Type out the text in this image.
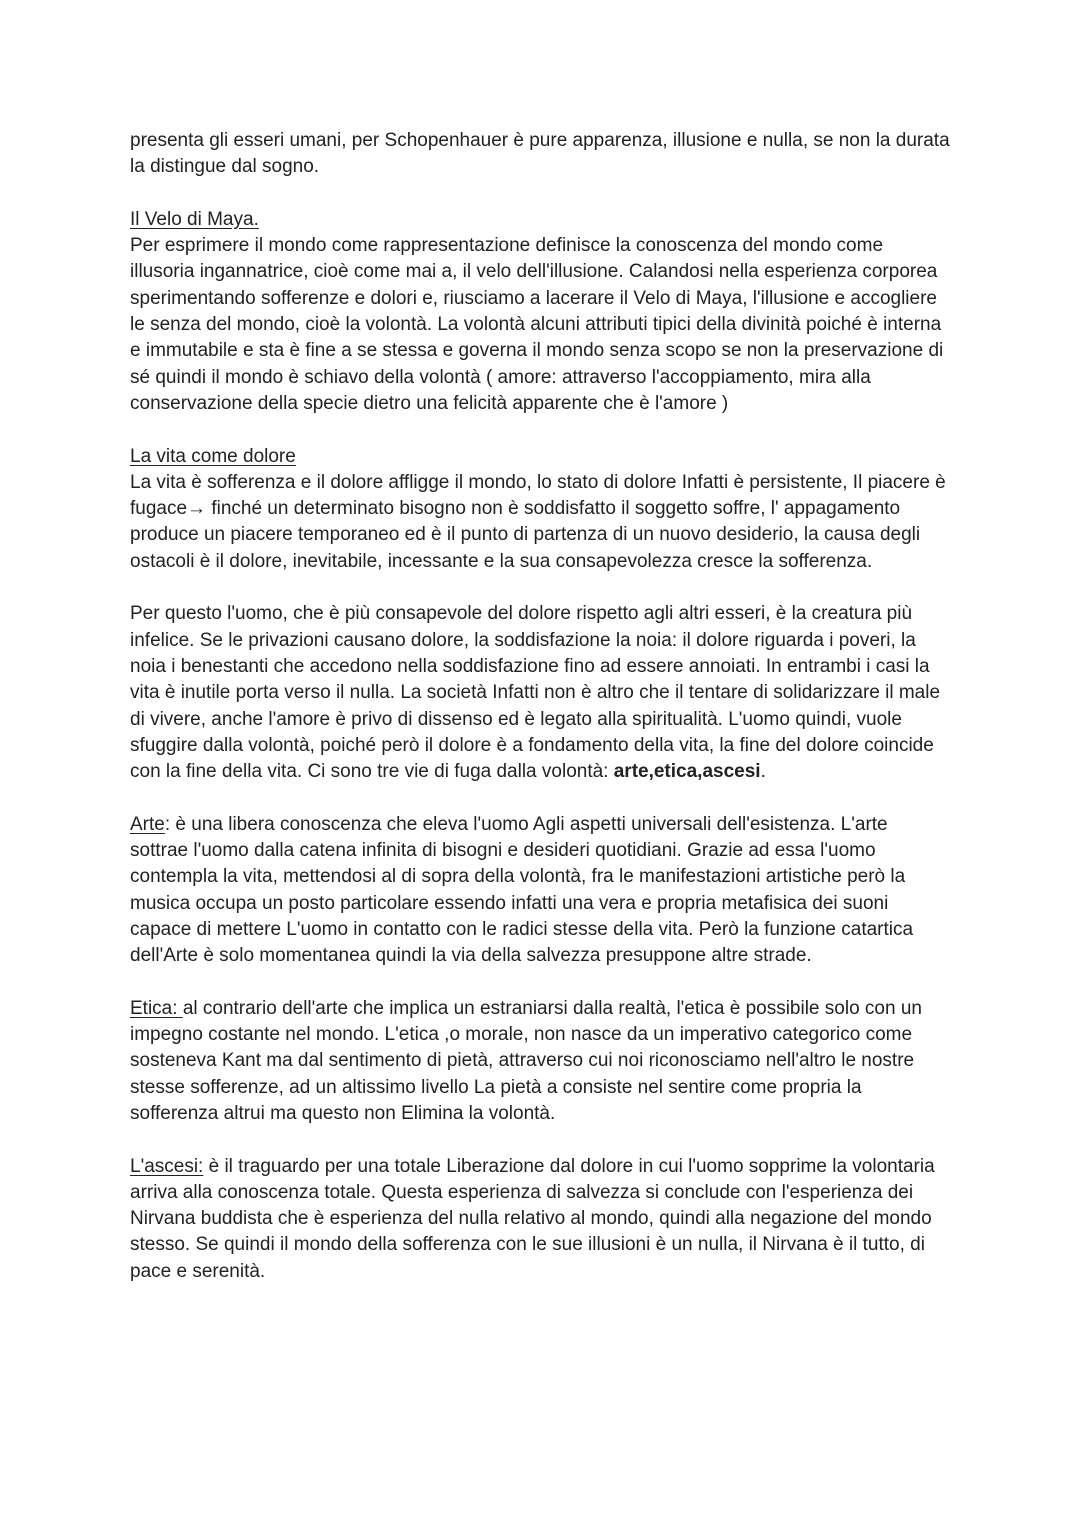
presenta gli esseri umani, per Schopenhauer è pure apparenza, illusione e nulla, se non la durata la distingue dal sogno.

Il Velo di Maya.

Per esprimere il mondo come rappresentazione definisce la conoscenza del mondo come illusoria ingannatrice, cioè come mai a, il velo dell'illusione. Calandosi nella esperienza corporea sperimentando sofferenze e dolori e, riusciamo a lacerare il Velo di Maya, l'illusione e accogliere le senza del mondo, cioè la volontà. La volontà alcuni attributi tipici della divinità poiché è interna e immutabile e sta è fine a se stessa e governa il mondo senza scopo se non la preservazione di sé quindi il mondo è schiavo della volontà ( amore: attraverso l'accoppiamento, mira alla conservazione della specie dietro una felicità apparente che è l'amore )

La vita come dolore

La vita è sofferenza e il dolore affligge il mondo, lo stato di dolore Infatti è persistente, Il piacere è fugace→ finché un determinato bisogno non è soddisfatto il soggetto soffre, l' appagamento produce un piacere temporaneo ed è il punto di partenza di un nuovo desiderio, la causa degli ostacoli è il dolore, inevitabile, incessante e la sua consapevolezza cresce la sofferenza.

Per questo l'uomo, che è più consapevole del dolore rispetto agli altri esseri, è la creatura più infelice. Se le privazioni causano dolore, la soddisfazione la noia: il dolore riguarda i poveri, la noia i benestanti che accedono nella soddisfazione fino ad essere annoiati. In entrambi i casi la vita è inutile porta verso il nulla. La società Infatti non è altro che il tentare di solidarizzare il male di vivere, anche l'amore è privo di dissenso ed è legato alla spiritualità. L'uomo quindi, vuole sfuggire dalla volontà, poiché però il dolore è a fondamento della vita, la fine del dolore coincide con la fine della vita. Ci sono tre vie di fuga dalla volontà: arte,etica,ascesi.

Arte: è una libera conoscenza che eleva l'uomo Agli aspetti universali dell'esistenza. L'arte sottrae l'uomo dalla catena infinita di bisogni e desideri quotidiani. Grazie ad essa l'uomo contempla la vita, mettendosi al di sopra della volontà, fra le manifestazioni artistiche però la musica occupa un posto particolare essendo infatti una vera e propria metafisica dei suoni capace di mettere L'uomo in contatto con le radici stesse della vita. Però la funzione catartica dell'Arte è solo momentanea quindi la via della salvezza presuppone altre strade.

Etica: al contrario dell'arte che implica un estraniarsi dalla realtà, l'etica è possibile solo con un impegno costante nel mondo. L'etica ,o morale, non nasce da un imperativo categorico come sosteneva Kant ma dal sentimento di pietà, attraverso cui noi riconosciamo nell'altro le nostre stesse sofferenze, ad un altissimo livello La pietà a consiste nel sentire come propria la sofferenza altrui ma questo non Elimina la volontà.

L'ascesi: è il traguardo per una totale Liberazione dal dolore in cui l'uomo sopprime la volontaria arriva alla conoscenza totale. Questa esperienza di salvezza si conclude con l'esperienza dei Nirvana buddista che è esperienza del nulla relativo al mondo, quindi alla negazione del mondo stesso. Se quindi il mondo della sofferenza con le sue illusioni è un nulla, il Nirvana è il tutto, di pace e serenità.
